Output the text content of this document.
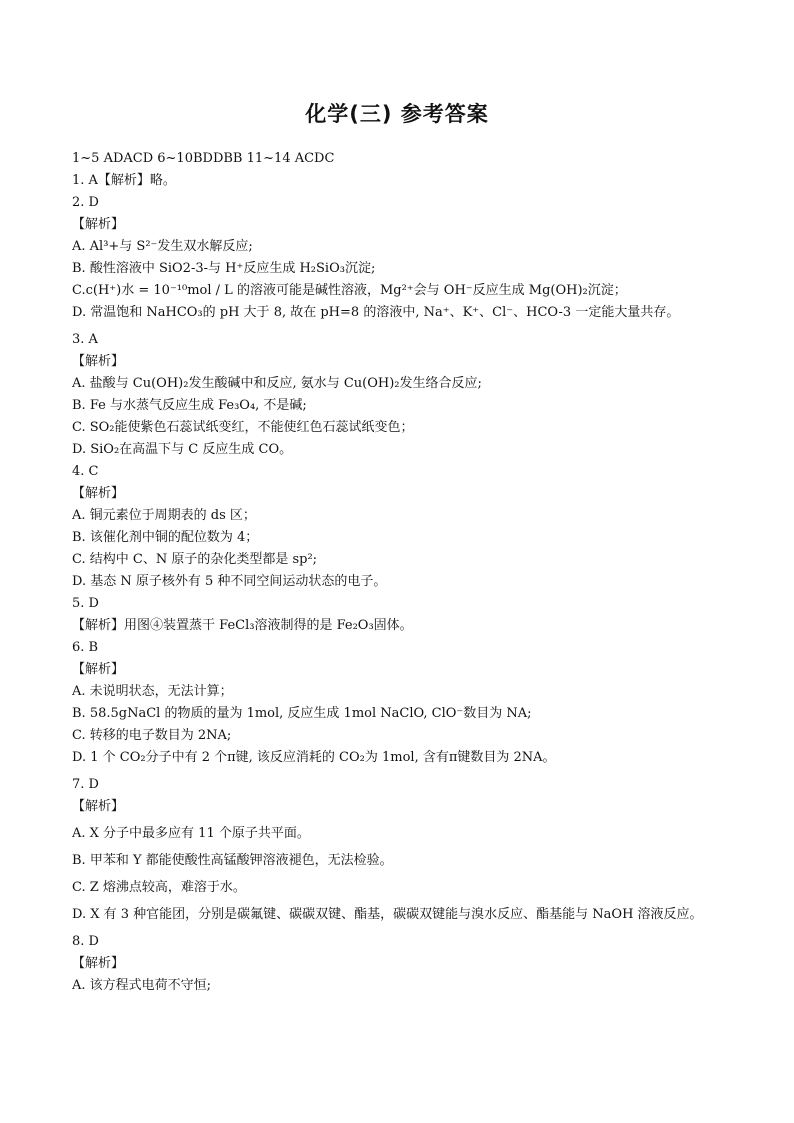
化学(三) 参考答案
1~5 ADACD 6~10BDDBB 11~14 ACDC
1. A【解析】略。
2. D
【解析】
A. Al³+与 S²⁻发生双水解反应;
B. 酸性溶液中 SiO2-3-与 H⁺反应生成 H₂SiO₃沉淀;
C.c(H⁺)水 = 10⁻¹⁰mol / L 的溶液可能是碱性溶液，Mg²⁺会与 OH⁻反应生成 Mg(OH)₂沉淀；
D. 常温饱和 NaHCO₃的 pH 大于 8, 故在 pH=8 的溶液中, Na⁺、K⁺、Cl⁻、HCO-3 一定能大量共存。
3. A
【解析】
A. 盐酸与 Cu(OH)₂发生酸碱中和反应, 氨水与 Cu(OH)₂发生络合反应;
B. Fe 与水蒸气反应生成 Fe₃O₄, 不是碱;
C. SO₂能使紫色石蕊试纸变红，不能使红色石蕊试纸变色；
D. SiO₂在高温下与 C 反应生成 CO。
4. C
【解析】
A. 铜元素位于周期表的 ds 区；
B. 该催化剂中铜的配位数为 4；
C. 结构中 C、N 原子的杂化类型都是 sp²;
D. 基态 N 原子核外有 5 种不同空间运动状态的电子。
5. D
【解析】用图④装置蒸干 FeCl₃溶液制得的是 Fe₂O₃固体。
6. B
【解析】
A. 未说明状态，无法计算；
B. 58.5gNaCl 的物质的量为 1mol, 反应生成 1mol NaClO, ClO⁻数目为 NA;
C. 转移的电子数目为 2NA;
D. 1 个 CO₂分子中有 2 个π键, 该反应消耗的 CO₂为 1mol, 含有π键数目为 2NA。
7. D
【解析】
A. X 分子中最多应有 11 个原子共平面。
B. 甲苯和 Y 都能使酸性高锰酸钾溶液褪色，无法检验。
C. Z 熔沸点较高，难溶于水。
D. X 有 3 种官能团，分别是碳氟键、碳碳双键、酯基，碳碳双键能与溴水反应、酯基能与 NaOH 溶液反应。
8. D
【解析】
A. 该方程式电荷不守恒;
